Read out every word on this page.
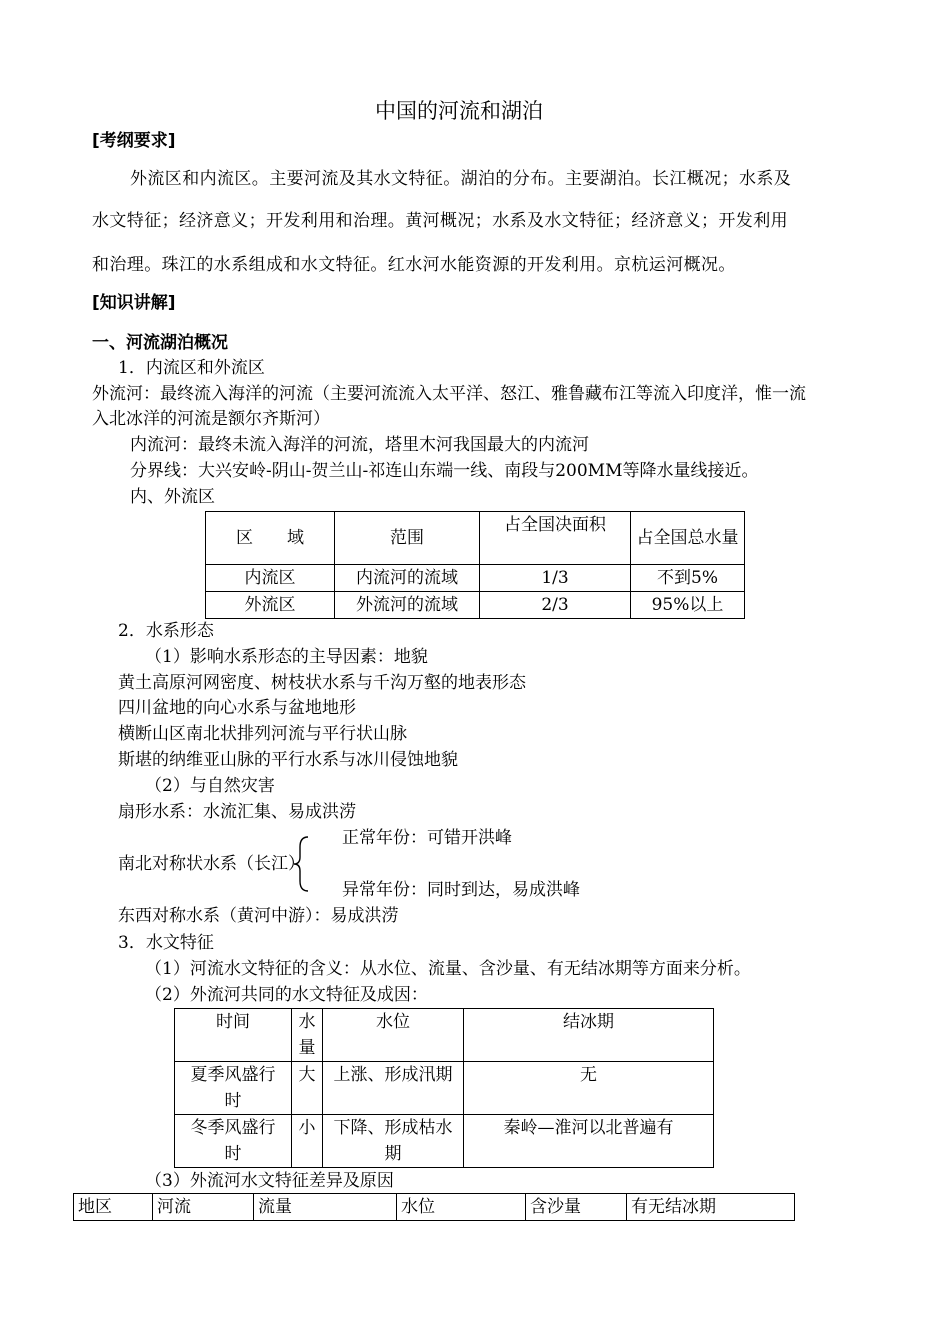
中国的河流和湖泊
[考纲要求]
外流区和内流区。主要河流及其水文特征。湖泊的分布。主要湖泊。长江概况；水系及
水文特征；经济意义；开发利用和治理。黄河概况；水系及水文特征；经济意义；开发利用
和治理。珠江的水系组成和水文特征。红水河水能资源的开发利用。京杭运河概况。
[知识讲解]
一、河流湖泊概况
1．内流区和外流区
外流河：最终流入海洋的河流（主要河流流入太平洋、怒江、雅鲁藏布江等流入印度洋，惟一流
入北冰洋的河流是额尔齐斯河）
内流河：最终未流入海洋的河流，塔里木河我国最大的内流河
分界线：大兴安岭-阴山-贺兰山-祁连山东端一线、南段与200MM等降水量线接近。
内、外流区
区　　域	范围	占全国决面积	占全国总水量
内流区	内流河的流域	1/3	不到5%
外流区	外流河的流域	2/3	95%以上
2．水系形态
（1）影响水系形态的主导因素：地貌
黄土高原河网密度、树枝状水系与千沟万壑的地表形态
四川盆地的向心水系与盆地地形
横断山区南北状排列河流与平行状山脉
斯堪的纳维亚山脉的平行水系与冰川侵蚀地貌
（2）与自然灾害
扇形水系：水流汇集、易成洪涝
正常年份：可错开洪峰
南北对称状水系（长江）
异常年份：同时到达，易成洪峰
东西对称水系（黄河中游）：易成洪涝
3．水文特征
（1）河流水文特征的含义：从水位、流量、含沙量、有无结冰期等方面来分析。
（2）外流河共同的水文特征及成因：
时间	水量	水位	结冰期
夏季风盛行时	大	上涨、形成汛期	无
冬季风盛行时	小	下降、形成枯水期	秦岭—淮河以北普遍有
（3）外流河水文特征差异及原因
地区	河流	流量	水位	含沙量	有无结冰期
